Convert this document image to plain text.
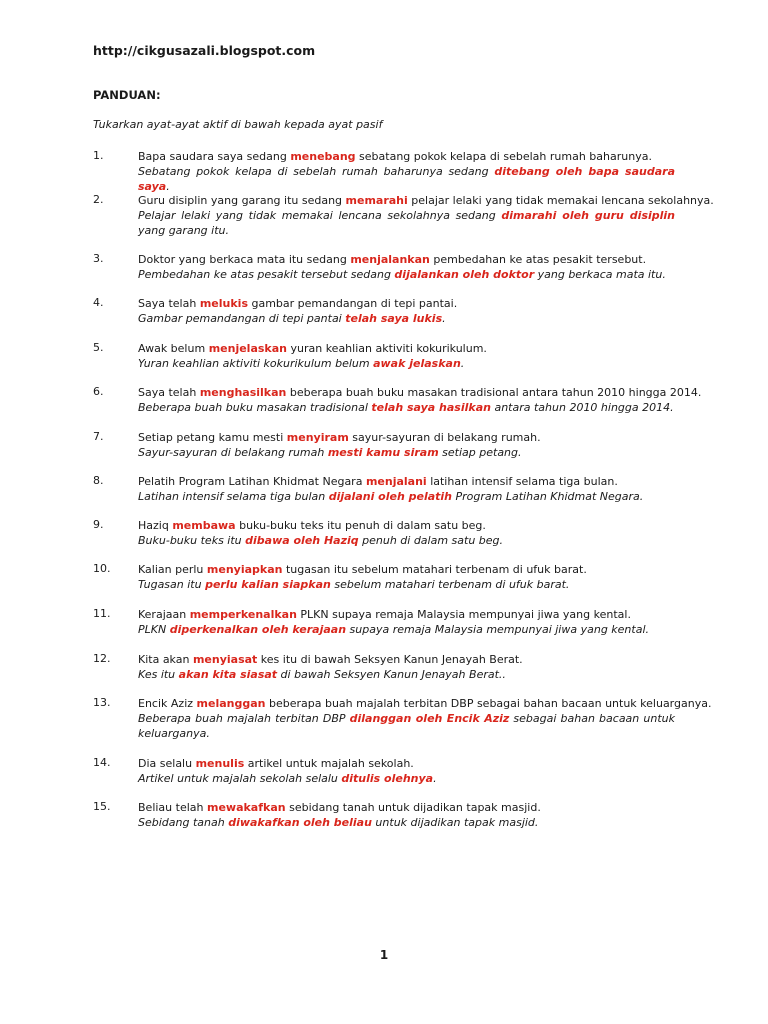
http://cikgusazali.blogspot.com
PANDUAN:
Tukarkan ayat-ayat aktif di bawah kepada ayat pasif
1.	Bapa saudara saya sedang menebang sebatang pokok kelapa di sebelah rumah baharunya.
Sebatang pokok kelapa di sebelah rumah baharunya sedang ditebang oleh bapa saudara saya.
2.	Guru disiplin yang garang itu sedang memarahi pelajar lelaki yang tidak memakai lencana sekolahnya.
Pelajar lelaki yang tidak memakai lencana sekolahnya sedang dimarahi oleh guru disiplin yang garang itu.
3.	Doktor yang berkaca mata itu sedang menjalankan pembedahan ke atas pesakit tersebut.
Pembedahan ke atas pesakit tersebut sedang dijalankan oleh doktor yang berkaca mata itu.
4.	Saya telah melukis gambar pemandangan di tepi pantai.
Gambar pemandangan di tepi pantai telah saya lukis.
5.	Awak belum menjelaskan yuran keahlian aktiviti kokurikulum.
Yuran keahlian aktiviti kokurikulum belum awak jelaskan.
6.	Saya telah menghasilkan beberapa buah buku masakan tradisional antara tahun 2010 hingga 2014.
Beberapa buah buku masakan tradisional telah saya hasilkan antara tahun 2010 hingga 2014.
7.	Setiap petang kamu mesti menyiram sayur-sayuran di belakang rumah.
Sayur-sayuran di belakang rumah mesti kamu siram setiap petang.
8.	Pelatih Program Latihan Khidmat Negara menjalani latihan intensif selama tiga bulan.
Latihan intensif selama tiga bulan dijalani oleh pelatih Program Latihan Khidmat Negara.
9.	Haziq membawa buku-buku teks itu penuh di dalam satu beg.
Buku-buku teks itu dibawa oleh Haziq penuh di dalam satu beg.
10.	Kalian perlu menyiapkan tugasan itu sebelum matahari terbenam di ufuk barat.
Tugasan itu perlu kalian siapkan sebelum matahari terbenam di ufuk barat.
11.	Kerajaan memperkenalkan PLKN supaya remaja Malaysia mempunyai jiwa yang kental.
PLKN diperkenalkan oleh kerajaan supaya remaja Malaysia mempunyai jiwa yang kental.
12.	Kita akan menyiasat kes itu di bawah Seksyen Kanun Jenayah Berat.
Kes itu akan kita siasat di bawah Seksyen Kanun Jenayah Berat..
13.	Encik Aziz melanggan beberapa buah majalah terbitan DBP sebagai bahan bacaan untuk keluarganya.
Beberapa buah majalah terbitan DBP dilanggan oleh Encik Aziz sebagai bahan bacaan untuk keluarganya.
14.	Dia selalu menulis artikel untuk majalah sekolah.
Artikel untuk majalah sekolah selalu ditulis olehnya.
15.	Beliau telah mewakafkan sebidang tanah untuk dijadikan tapak masjid.
Sebidang tanah diwakafkan oleh beliau untuk dijadikan tapak masjid.
1
